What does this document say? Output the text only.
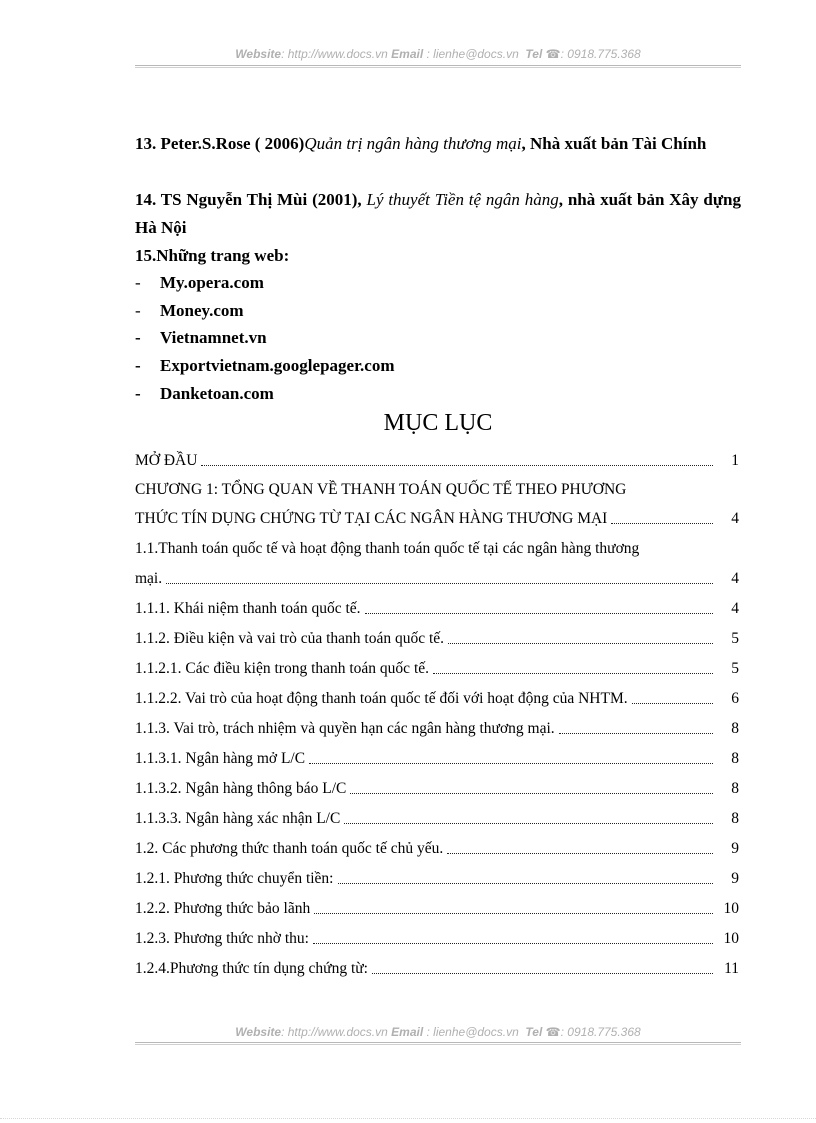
Website: http://www.docs.vn Email : lienhe@docs.vn Tel ☎: 0918.775.368
13. Peter.S.Rose ( 2006)Quản trị ngân hàng thương mại, Nhà xuất bản Tài Chính
14. TS Nguyễn Thị Mùi (2001), Lý thuyết Tiền tệ ngân hàng, nhà xuất bản Xây dựng Hà Nội
15.Những trang web:
- My.opera.com
- Money.com
- Vietnamnet.vn
- Exportvietnam.googlepager.com
- Danketoan.com
MỤC LỤC
MỞ ĐẦU	1
CHƯƠNG 1: TỔNG QUAN VỀ THANH TOÁN QUỐC TẾ THEO PHƯƠNG
THỨC TÍN DỤNG CHỨNG TỪ TẠI CÁC NGÂN HÀNG THƯƠNG MẠI	4
1.1.Thanh toán quốc tế và hoạt động thanh toán quốc tế tại các ngân hàng thương
mại.	4
1.1.1. Khái niệm thanh toán quốc tế.	4
1.1.2. Điều kiện và vai trò của thanh toán quốc tế.	5
1.1.2.1. Các điều kiện trong thanh toán quốc tế.	5
1.1.2.2. Vai trò của hoạt động thanh toán quốc tế đối với hoạt động của NHTM.	6
1.1.3. Vai trò, trách nhiệm và quyền hạn các ngân hàng thương mại.	8
1.1.3.1. Ngân hàng mở L/C	8
1.1.3.2. Ngân hàng thông báo L/C	8
1.1.3.3. Ngân hàng xác nhận L/C	8
1.2. Các phương thức thanh toán quốc tế chủ yếu.	9
1.2.1. Phương thức chuyển tiền:	9
1.2.2. Phương thức bảo lãnh	10
1.2.3. Phương thức nhờ thu:	10
1.2.4.Phương thức tín dụng chứng từ:	11
Website: http://www.docs.vn Email : lienhe@docs.vn Tel ☎: 0918.775.368
